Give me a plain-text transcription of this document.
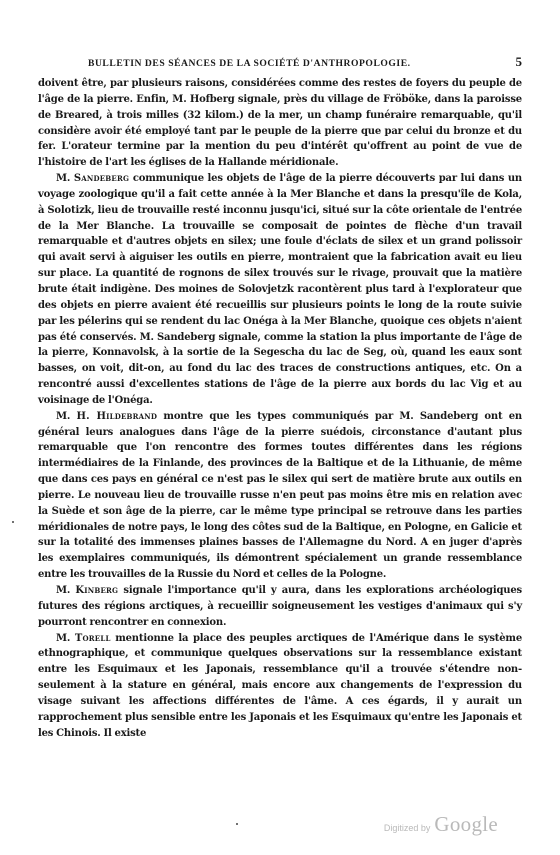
BULLETIN DES SÉANCES DE LA SOCIÉTÉ D'ANTHROPOLOGIE.	5

doivent être, par plusieurs raisons, considérées comme des restes de foyers du peuple de l'âge de la pierre. Enfin, M. Hofberg signale, près du village de Fröböke, dans la paroisse de Breared, à trois milles (32 kilom.) de la mer, un champ funéraire remarquable, qu'il considère avoir été employé tant par le peuple de la pierre que par celui du bronze et du fer. L'orateur termine par la mention du peu d'intérêt qu'offrent au point de vue de l'histoire de l'art les églises de la Hallande méridionale.

M. Sandeberg communique les objets de l'âge de la pierre découverts par lui dans un voyage zoologique qu'il a fait cette année à la Mer Blanche et dans la presqu'île de Kola, à Solotizk, lieu de trouvaille resté inconnu jusqu'ici, situé sur la côte orientale de l'entrée de la Mer Blanche. La trouvaille se composait de pointes de flèche d'un travail remarquable et d'autres objets en silex; une foule d'éclats de silex et un grand polissoir qui avait servi à aiguiser les outils en pierre, montraient que la fabrication avait eu lieu sur place. La quantité de rognons de silex trouvés sur le rivage, prouvait que la matière brute était indigène. Des moines de Solovjetzk racontèrent plus tard à l'explorateur que des objets en pierre avaient été recueillis sur plusieurs points le long de la route suivie par les pélerins qui se rendent du lac Onéga à la Mer Blanche, quoique ces objets n'aient pas été conservés. M. Sandeberg signale, comme la station la plus importante de l'âge de la pierre, Konnavolsk, à la sortie de la Segescha du lac de Seg, où, quand les eaux sont basses, on voit, dit-on, au fond du lac des traces de constructions antiques, etc. On a rencontré aussi d'excellentes stations de l'âge de la pierre aux bords du lac Vig et au voisinage de l'Onéga.

M. H. Hildebrand montre que les types communiqués par M. Sandeberg ont en général leurs analogues dans l'âge de la pierre suédois, circonstance d'autant plus remarquable que l'on rencontre des formes toutes différentes dans les régions intermédiaires de la Finlande, des provinces de la Baltique et de la Lithuanie, de même que dans ces pays en général ce n'est pas le silex qui sert de matière brute aux outils en pierre. Le nouveau lieu de trouvaille russe n'en peut pas moins être mis en relation avec la Suède et son âge de la pierre, car le même type principal se retrouve dans les parties méridionales de notre pays, le long des côtes sud de la Baltique, en Pologne, en Galicie et sur la totalité des immenses plaines basses de l'Allemagne du Nord. A en juger d'après les exemplaires communiqués, ils démontrent spécialement un grande ressemblance entre les trouvailles de la Russie du Nord et celles de la Pologne.

M. Kinberg signale l'importance qu'il y aura, dans les explorations archéologiques futures des régions arctiques, à recueillir soigneusement les vestiges d'animaux qui s'y pourront rencontrer en connexion.

M. Torell mentionne la place des peuples arctiques de l'Amérique dans le système ethnographique, et communique quelques observations sur la ressemblance existant entre les Esquimaux et les Japonais, ressemblance qu'il a trouvée s'étendre non-seulement à la stature en général, mais encore aux changements de l'expression du visage suivant les affections différentes de l'âme. A ces égards, il y aurait un rapprochement plus sensible entre les Japonais et les Esquimaux qu'entre les Japonais et les Chinois. Il existe

Digitized by Google
